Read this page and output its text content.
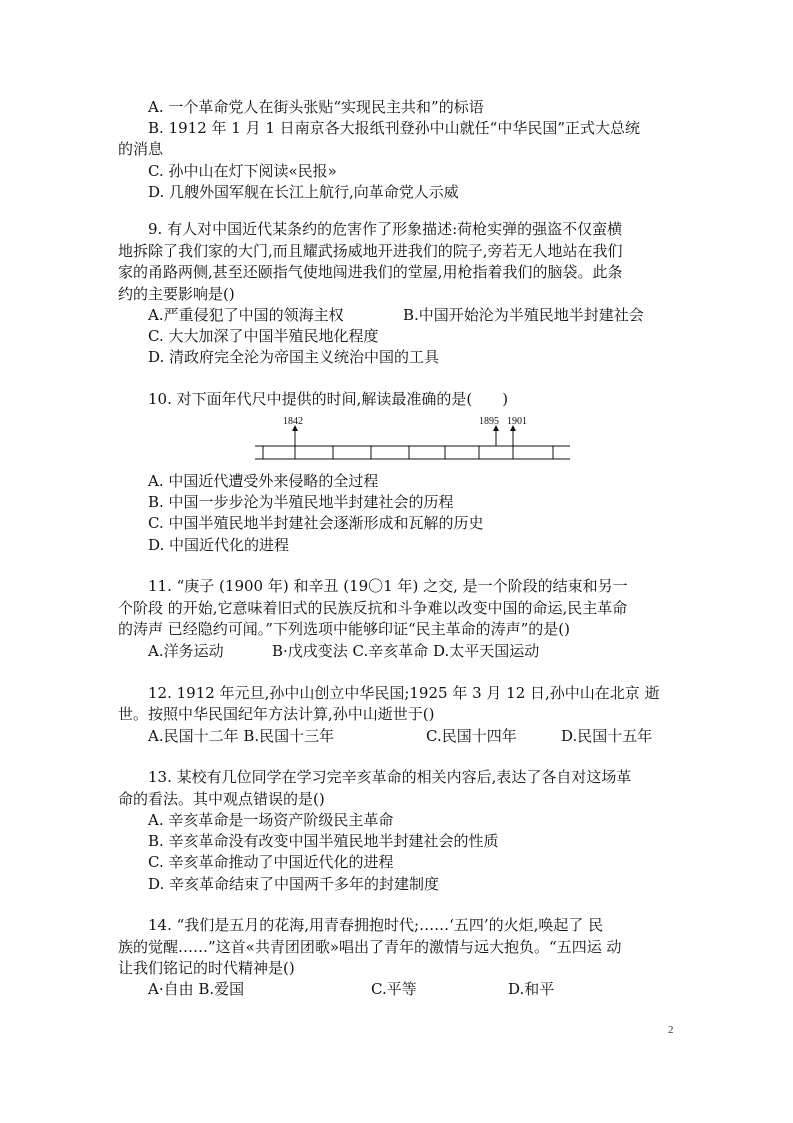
A. 一个革命党人在街头张贴“实现民主共和”的标语
B. 1912 年 1 月 1 日南京各大报纸刊登孙中山就任“中华民国”正式大总统
的消息
C. 孙中山在灯下阅读«民报»
D. 几艘外国军舰在长江上航行,向革命党人示威
9. 有人对中国近代某条约的危害作了形象描述:荷枪实弹的强盗不仅蛮横
地拆除了我们家的大门,而且耀武扬威地开进我们的院子,旁若无人地站在我们
家的甬路两侧,甚至还颐指气使地闯进我们的堂屋,用枪指着我们的脑袋。此条
约的主要影响是()
A.严重侵犯了中国的领海主权	B.中国开始沦为半殖民地半封建社会
C. 大大加深了中国半殖民地化程度
D. 清政府完全沦为帝国主义统治中国的工具
10. 对下面年代尺中提供的时间,解读最准确的是(　　)
1842	1895 1901
A. 中国近代遭受外来侵略的全过程
B. 中国一步步沦为半殖民地半封建社会的历程
C. 中国半殖民地半封建社会逐渐形成和瓦解的历史
D. 中国近代化的进程
11. “庚子 (1900 年) 和辛丑 (19〇1 年) 之交, 是一个阶段的结束和另一
个阶段 的开始,它意味着旧式的民族反抗和斗争难以改变中国的命运,民主革命
的涛声 已经隐约可闻。”下列选项中能够印证“民主革命的涛声”的是()
A.洋务运动	B·戊戌变法 C.辛亥革命 D.太平天国运动
12. 1912 年元旦,孙中山创立中华民国;1925 年 3 月 12 日,孙中山在北京 逝
世。按照中华民国纪年方法计算,孙中山逝世于()
A.民国十二年 B.民国十三年	C.民国十四年	D.民国十五年
13. 某校有几位同学在学习完辛亥革命的相关内容后,表达了各自对这场革
命的看法。其中观点错误的是()
A. 辛亥革命是一场资产阶级民主革命
B. 辛亥革命没有改变中国半殖民地半封建社会的性质
C. 辛亥革命推动了中国近代化的进程
D. 辛亥革命结束了中国两千多年的封建制度
14. “我们是五月的花海,用青春拥抱时代;……‘五四’的火炬,唤起了 民
族的觉醒……”这首«共青团团歌»唱出了青年的激情与远大抱负。“五四运 动
让我们铭记的时代精神是()
A·自由 B.爱国	C.平等	D.和平
2
